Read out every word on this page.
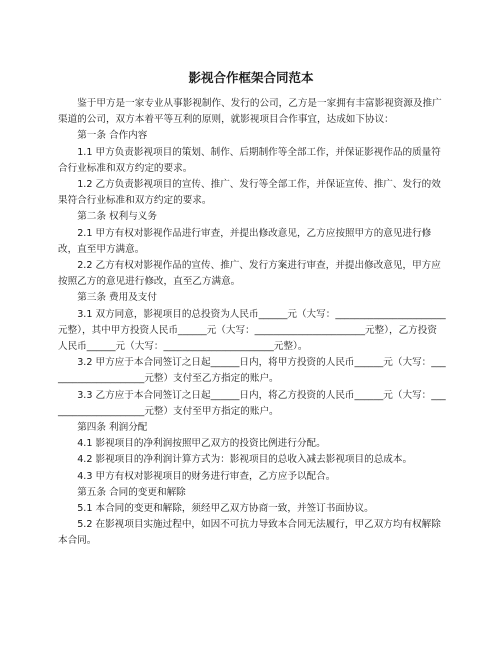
影视合作框架合同范本

鉴于甲方是一家专业从事影视制作、发行的公司，乙方是一家拥有丰富影视资源及推广渠道的公司，双方本着平等互利的原则，就影视项目合作事宜，达成如下协议：

第一条 合作内容

1.1 甲方负责影视项目的策划、制作、后期制作等全部工作，并保证影视作品的质量符合行业标准和双方约定的要求。

1.2 乙方负责影视项目的宣传、推广、发行等全部工作，并保证宣传、推广、发行的效果符合行业标准和双方约定的要求。

第二条 权利与义务

2.1 甲方有权对影视作品进行审查，并提出修改意见，乙方应按照甲方的意见进行修改，直至甲方满意。

2.2 乙方有权对影视作品的宣传、推广、发行方案进行审查，并提出修改意见，甲方应按照乙方的意见进行修改，直至乙方满意。

第三条 费用及支付

3.1 双方同意，影视项目的总投资为人民币______元（大写：_______________________元整），其中甲方投资人民币______元（大写：_______________________元整），乙方投资人民币______元（大写：_______________________元整）。

3.2 甲方应于本合同签订之日起______日内，将甲方投资的人民币______元（大写：_____________________元整）支付至乙方指定的账户。

3.3 乙方应于本合同签订之日起______日内，将乙方投资的人民币______元（大写：_____________________元整）支付至甲方指定的账户。

第四条 利润分配

4.1 影视项目的净利润按照甲乙双方的投资比例进行分配。

4.2 影视项目的净利润计算方式为：影视项目的总收入减去影视项目的总成本。

4.3 甲方有权对影视项目的财务进行审查，乙方应予以配合。

第五条 合同的变更和解除

5.1 本合同的变更和解除，须经甲乙双方协商一致，并签订书面协议。

5.2 在影视项目实施过程中，如因不可抗力导致本合同无法履行，甲乙双方均有权解除本合同。
